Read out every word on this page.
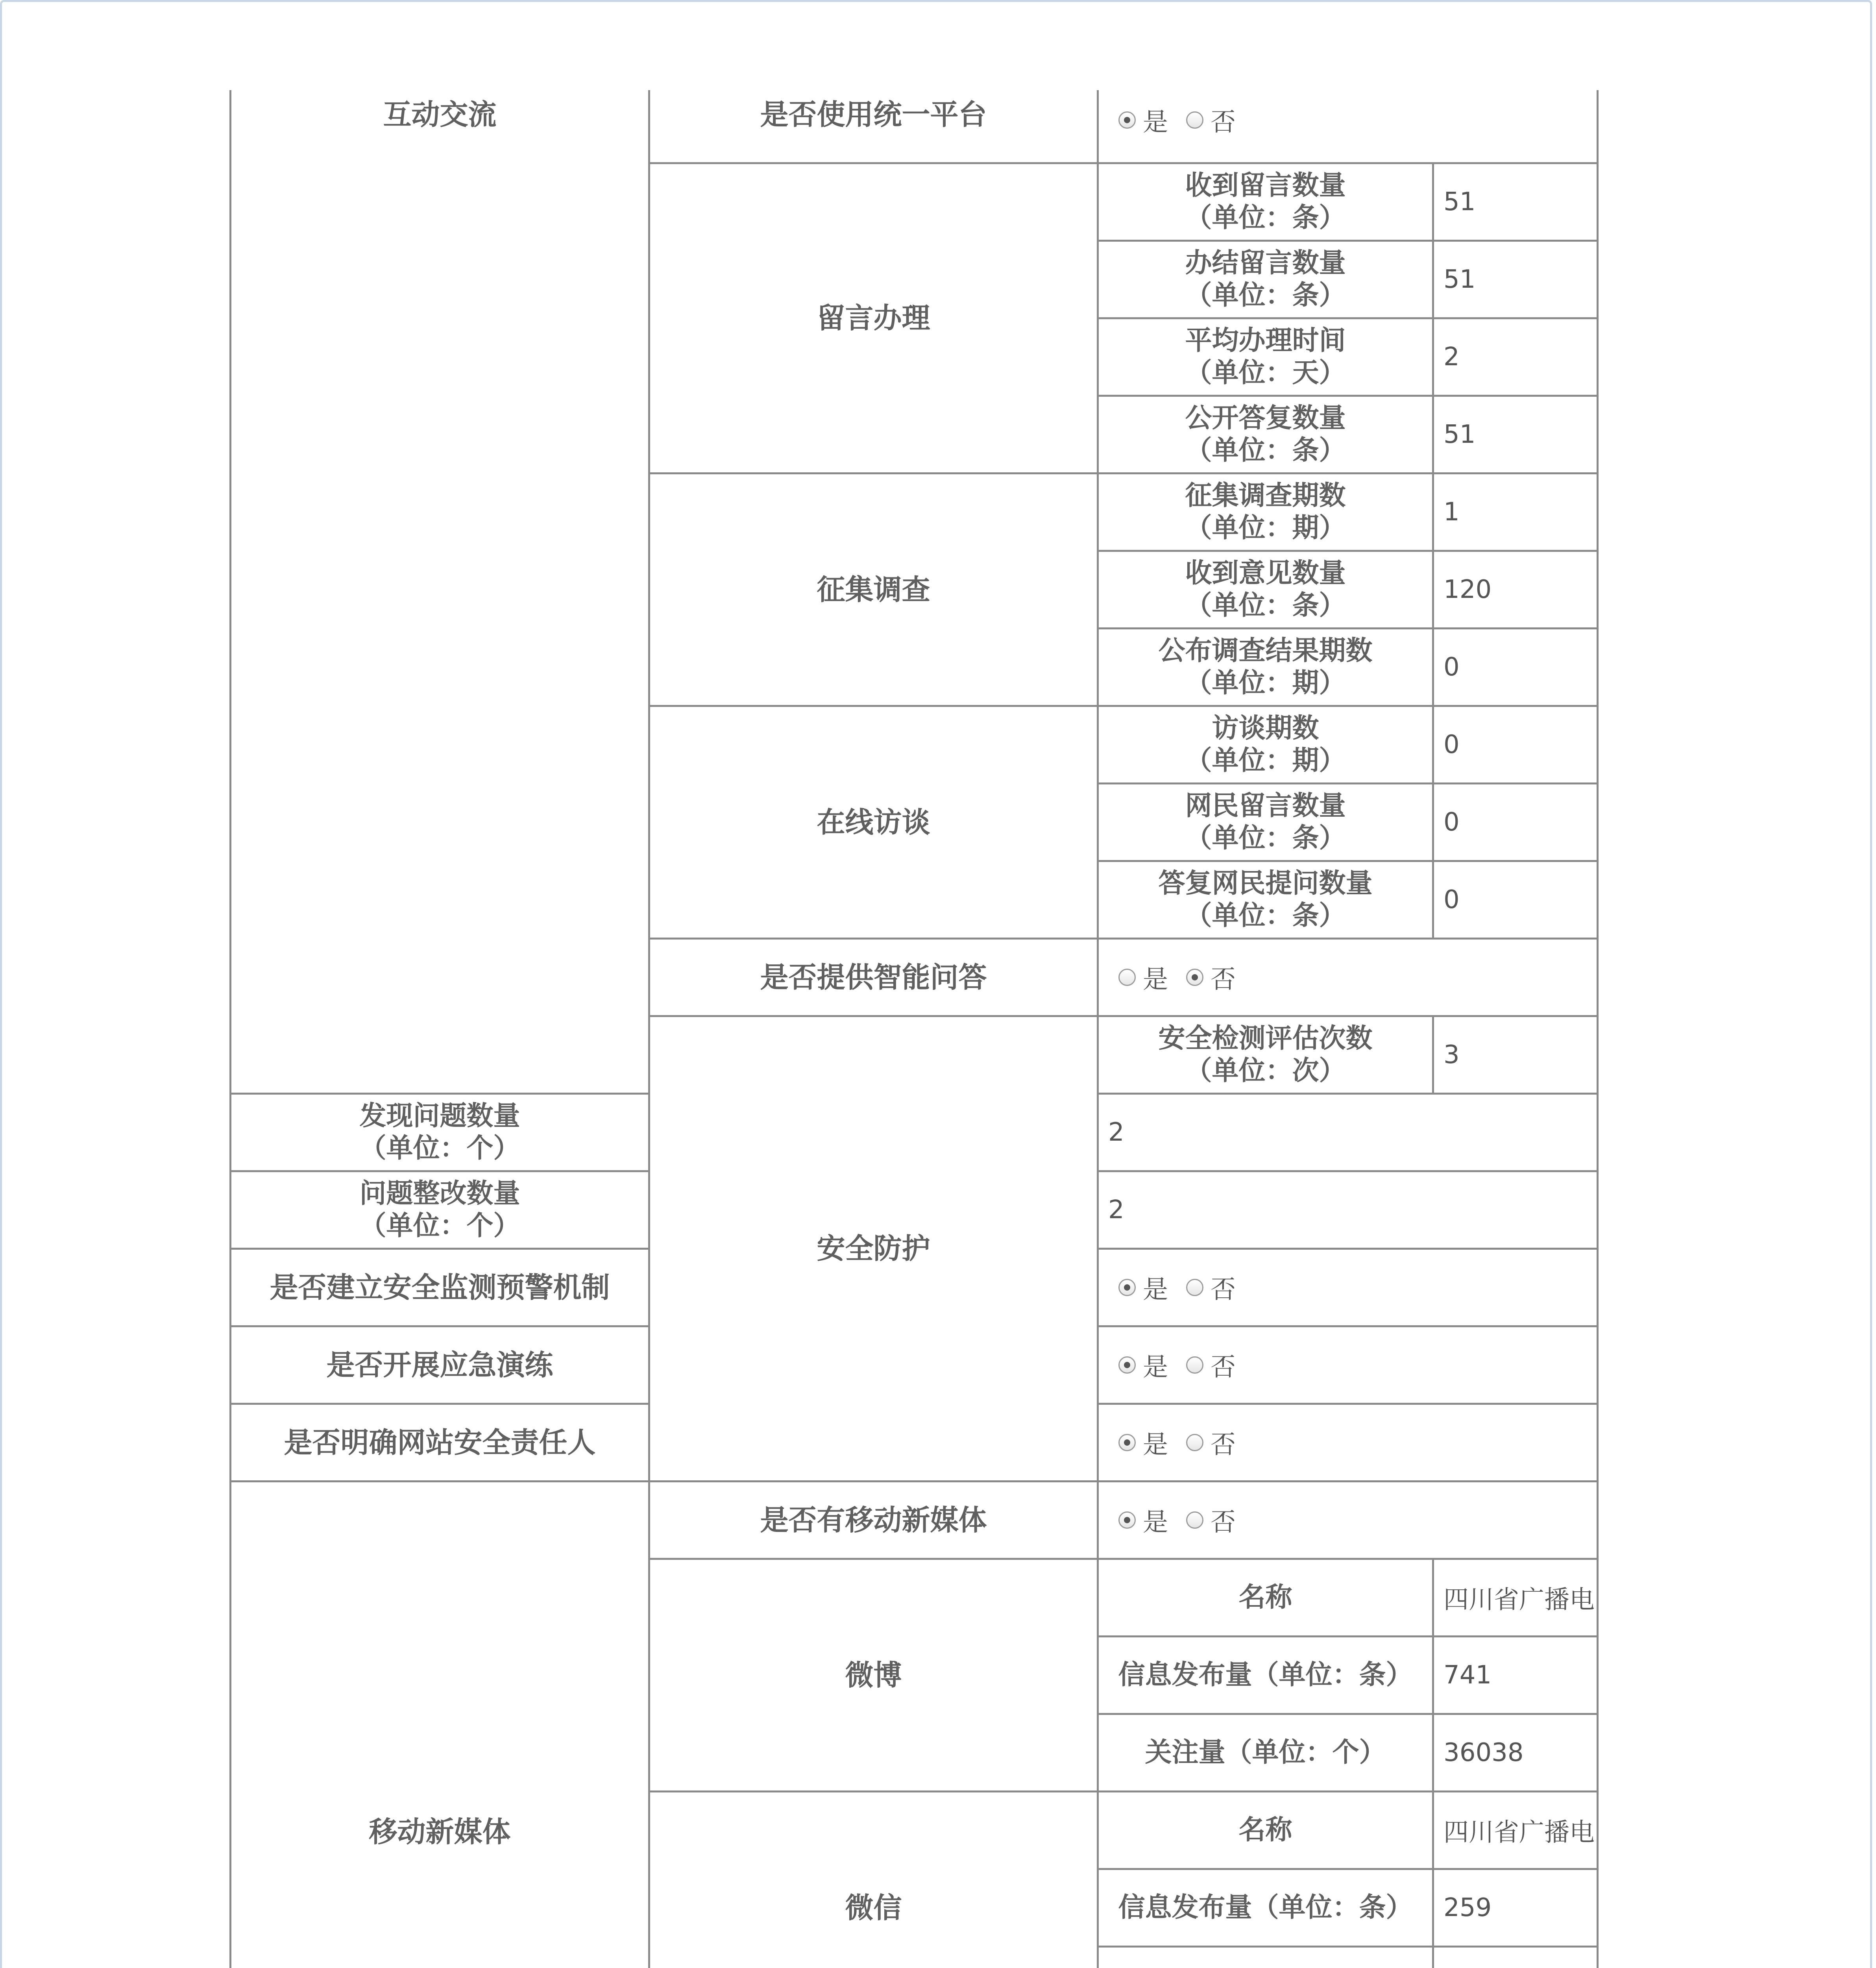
互动交流	是否使用统一平台	是 否	

	留言办理	收到留言数量
（单位：条）	51

		办结留言数量
（单位：条）	51

		平均办理时间
（单位：天）	2

		公开答复数量
（单位：条）	51
	征集调查	征集调查期数
（单位：期）	1

		收到意见数量
（单位：条）	120

		公布调查结果期数
（单位：期）	0
	在线访谈	访谈期数
（单位：期）	0

		网民留言数量
（单位：条）	0

		答复网民提问数量
（单位：条）	0
	是否提供智能问答	是 否	

	安全防护	安全检测评估次数
（单位：次）	3

发现问题数量
（单位：个）		2	

问题整改数量
（单位：个）		2	
是否建立安全监测预警机制		是 否	

是否开展应急演练		是 否	

是否明确网站安全责任人		是 否	

移动新媒体	是否有移动新媒体	是 否	

	微博	名称	四川省广播电
		信息发布量（单位：条）	741
		关注量（单位：个）	36038
	微信	名称	四川省广播电
		信息发布量（单位：条）	259
